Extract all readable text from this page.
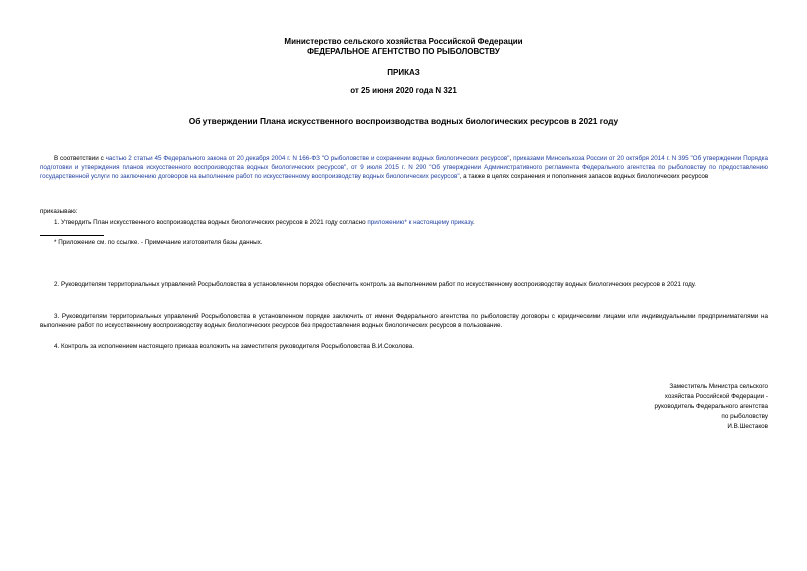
Министерство сельского хозяйства Российской Федерации
ФЕДЕРАЛЬНОЕ АГЕНТСТВО ПО РЫБОЛОВСТВУ
ПРИКАЗ
от 25 июня 2020 года N 321
Об утверждении Плана искусственного воспроизводства водных биологических ресурсов в 2021 году
В соответствии с частью 2 статьи 45 Федерального закона от 20 декабря 2004 г. N 166-ФЗ "О рыболовстве и сохранении водных биологических ресурсов", приказами Минсельхоза России от 20 октября 2014 г. N 395 "Об утверждении Порядка подготовки и утверждения планов искусственного воспроизводства водных биологических ресурсов", от 9 июля 2015 г. N 290 "Об утверждении Административного регламента Федерального агентства по рыболовству по предоставлению государственной услуги по заключению договоров на выполнение работ по искусственному воспроизводству водных биологических ресурсов", а также в целях сохранения и пополнения запасов водных биологических ресурсов
приказываю:
1. Утвердить План искусственного воспроизводства водных биологических ресурсов в 2021 году согласно приложению* к настоящему приказу.
* Приложение см. по ссылке. - Примечание изготовителя базы данных.
2. Руководителям территориальных управлений Росрыболовства в установленном порядке обеспечить контроль за выполнением работ по искусственному воспроизводству водных биологических ресурсов в 2021 году.
3. Руководителям территориальных управлений Росрыболовства в установленном порядке заключить от имени Федерального агентства по рыболовству договоры с юридическими лицами или индивидуальными предпринимателями на выполнение работ по искусственному воспроизводству водных биологических ресурсов без предоставления водных биологических ресурсов в пользование.
4. Контроль за исполнением настоящего приказа возложить на заместителя руководителя Росрыболовства В.И.Соколова.
Заместитель Министра сельского
хозяйства Российской Федерации -
руководитель Федерального агентства
по рыболовству
И.В.Шестаков
